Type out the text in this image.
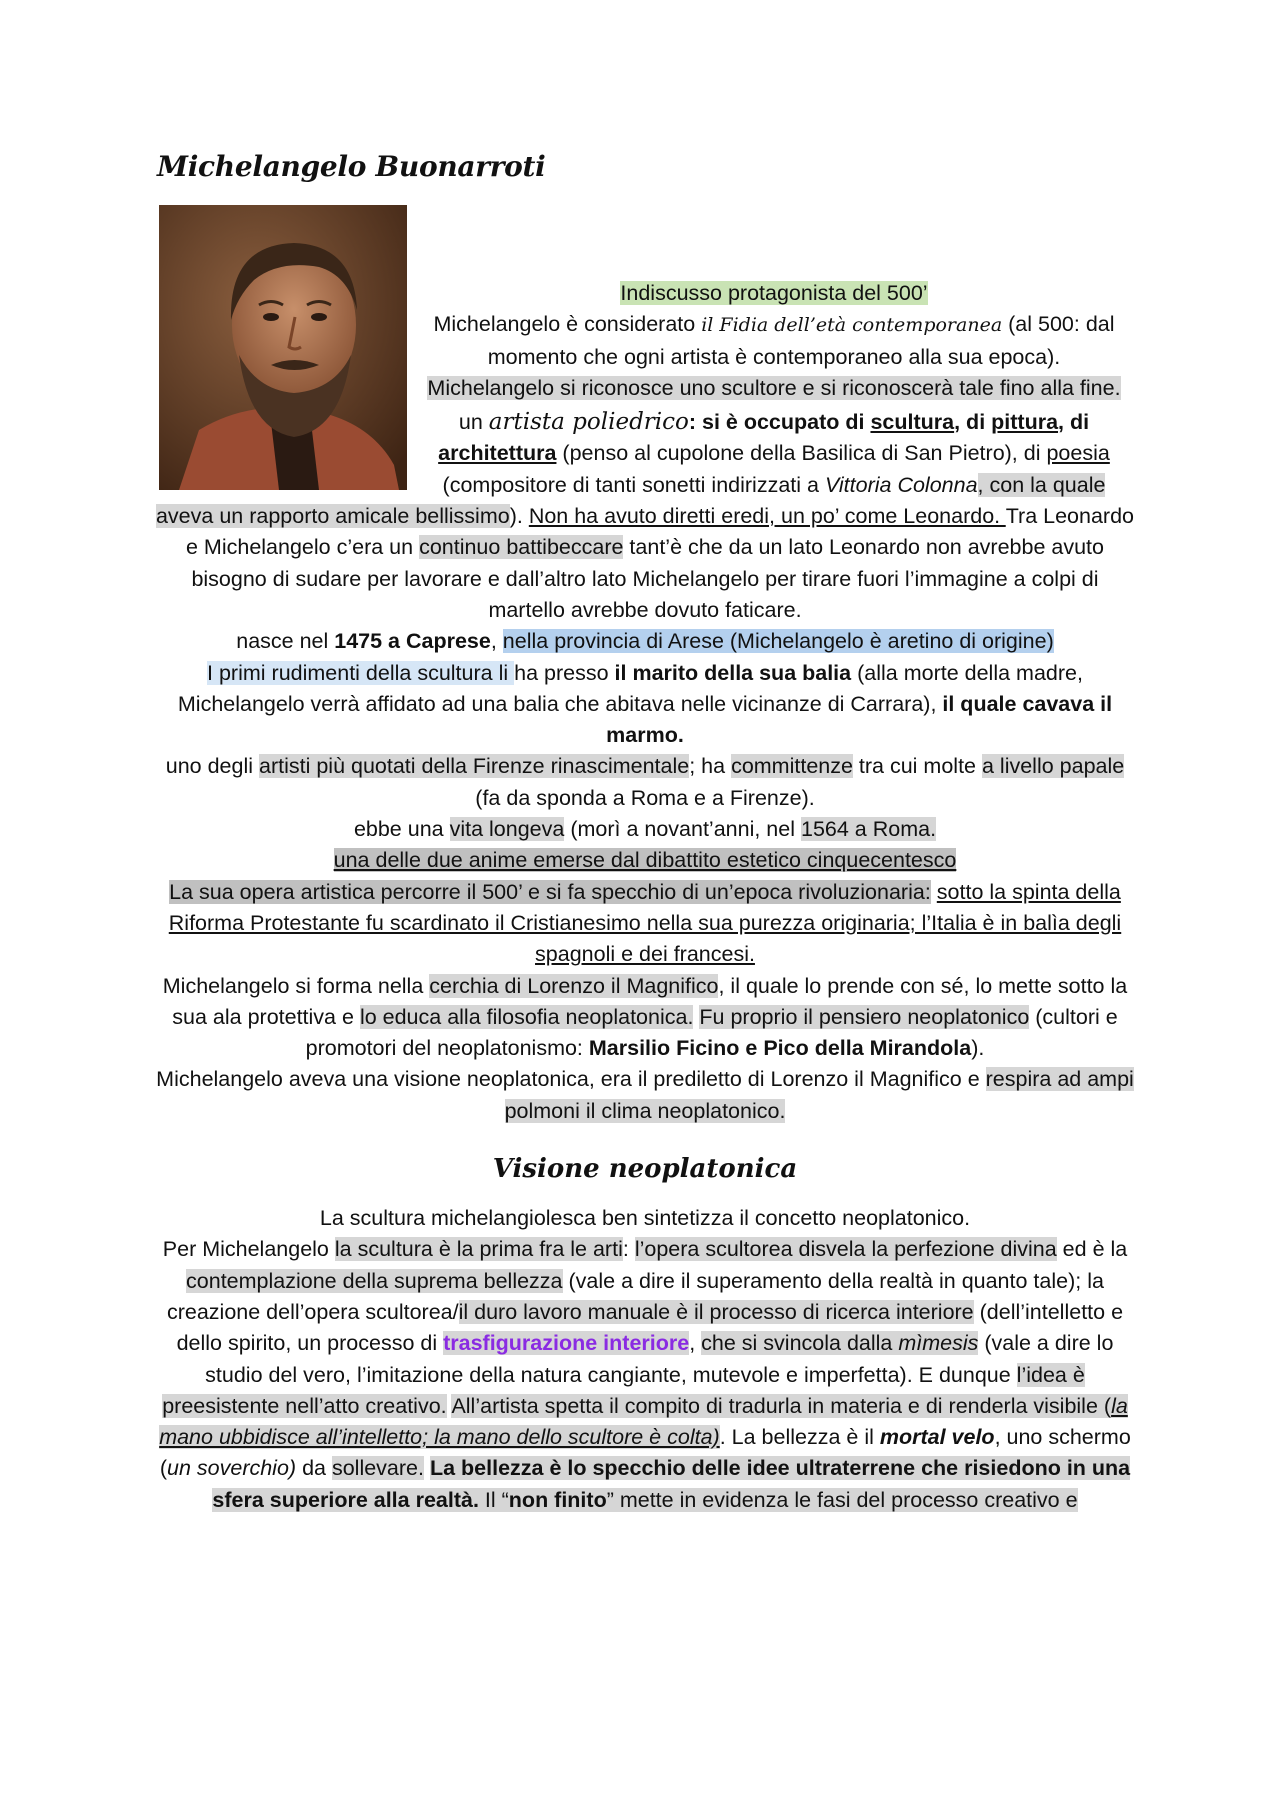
Michelangelo Buonarroti

Indiscusso protagonista del 500’
Michelangelo è considerato il Fidia dell’età contemporanea (al 500: dal momento che ogni artista è contemporaneo alla sua epoca).
Michelangelo si riconosce uno scultore e si riconoscerà tale fino alla fine.

un artista poliedrico: si è occupato di scultura, di pittura, di architettura (penso al cupolone della Basilica di San Pietro), di poesia (compositore di tanti sonetti indirizzati a Vittoria Colonna, con la quale aveva un rapporto amicale bellissimo). Non ha avuto diretti eredi, un po’ come Leonardo. Tra Leonardo e Michelangelo c’era un continuo battibeccare tant’è che da un lato Leonardo non avrebbe avuto bisogno di sudare per lavorare e dall’altro lato Michelangelo per tirare fuori l’immagine a colpi di martello avrebbe dovuto faticare.

nasce nel 1475 a Caprese, nella provincia di Arese (Michelangelo è aretino di origine)

I primi rudimenti della scultura li ha presso il marito della sua balia (alla morte della madre, Michelangelo verrà affidato ad una balia che abitava nelle vicinanze di Carrara), il quale cavava il marmo.

uno degli artisti più quotati della Firenze rinascimentale; ha committenze tra cui molte a livello papale (fa da sponda a Roma e a Firenze).

ebbe una vita longeva (morì a novant’anni, nel 1564 a Roma.

una delle due anime emerse dal dibattito estetico cinquecentesco

La sua opera artistica percorre il 500’ e si fa specchio di un’epoca rivoluzionaria: sotto la spinta della Riforma Protestante fu scardinato il Cristianesimo nella sua purezza originaria; l’Italia è in balìa degli spagnoli e dei francesi.

Michelangelo si forma nella cerchia di Lorenzo il Magnifico, il quale lo prende con sé, lo mette sotto la sua ala protettiva e lo educa alla filosofia neoplatonica. Fu proprio il pensiero neoplatonico (cultori e promotori del neoplatonismo: Marsilio Ficino e Pico della Mirandola).

Michelangelo aveva una visione neoplatonica, era il prediletto di Lorenzo il Magnifico e respira ad ampi polmoni il clima neoplatonico.

Visione neoplatonica

La scultura michelangiolesca ben sintetizza il concetto neoplatonico.

Per Michelangelo la scultura è la prima fra le arti: l’opera scultorea disvela la perfezione divina ed è la contemplazione della suprema bellezza (vale a dire il superamento della realtà in quanto tale); la creazione dell’opera scultorea/il duro lavoro manuale è il processo di ricerca interiore (dell’intelletto e dello spirito, un processo di trasfigurazione interiore, che si svincola dalla mìmesis (vale a dire lo studio del vero, l’imitazione della natura cangiante, mutevole e imperfetta). E dunque l’idea è preesistente nell’atto creativo. All’artista spetta il compito di tradurla in materia e di renderla visibile (la mano ubbidisce all’intelletto; la mano dello scultore è colta). La bellezza è il mortal velo, uno schermo (un soverchio) da sollevare. La bellezza è lo specchio delle idee ultraterrene che risiedono in una sfera superiore alla realtà. Il “non finito” mette in evidenza le fasi del processo creativo e
